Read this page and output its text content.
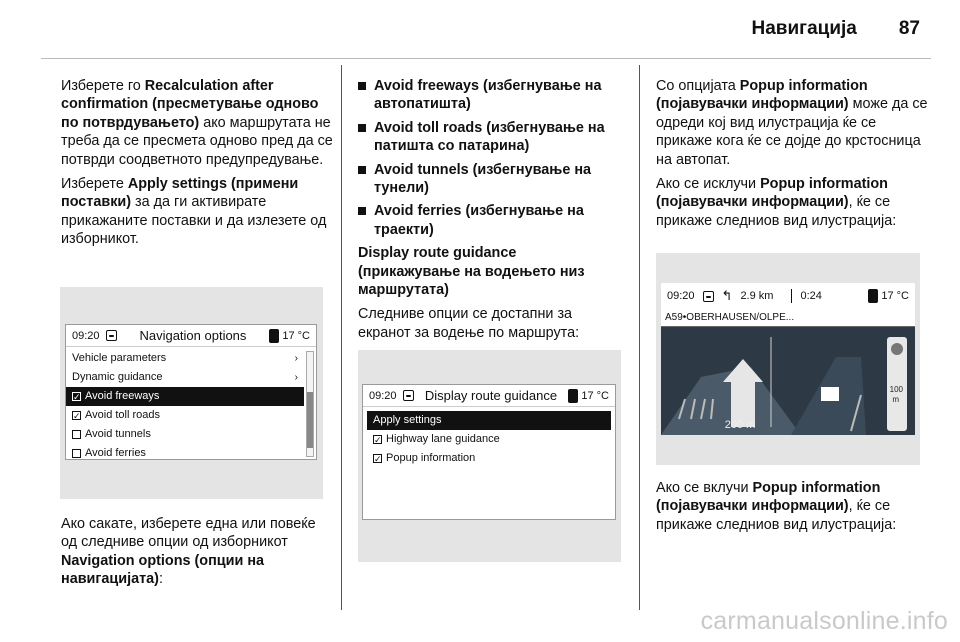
Навигација 87

Изберете го Recalculation after confirmation (пресметување одново по потврдувањето) ако маршрутата не треба да се пресмета одново пред да се потврди соодветното предупредување.

Изберете Apply settings (примени поставки) за да ги активирате прикажаните поставки и да излезете од изборникот.

09:20	Navigation options	17 °C
Vehicle parameters	›
Dynamic guidance	›
✓
Avoid freeways
✓
Avoid toll roads
Avoid tunnels
Avoid ferries

Ако сакате, изберете една или повеќе од следниве опции од изборникот Navigation options (опции на навигацијата):

Avoid freeways (избегнување на автопатишта)
Avoid toll roads (избегнување на патишта со патарина)
Avoid tunnels (избегнување на тунели)
Avoid ferries (избегнување на траекти)

Display route guidance (прикажување на водењето низ маршрутата)

Следниве опции се достапни за екранот за водење по маршрута:

09:20	Display route guidance	17 °C
Apply settings
✓
Highway lane guidance
✓
Popup information

Со опцијата Popup information (појавувачки информации) може да се одреди кој вид илустрација ќе се прикаже кога ќе се дојде до крстосница на автопат.

Ако се исклучи Popup information (појавувачки информации), ќе се прикаже следниов вид илустрација:

09:20 ↰ 2.9 km 0:24	17 °C
A59•OBERHAUSEN/OLPE...
100
m
200 m

Ако се вклучи Popup information (појавувачки информации), ќе се прикаже следниов вид илустрација:

carmanualsonline.info
